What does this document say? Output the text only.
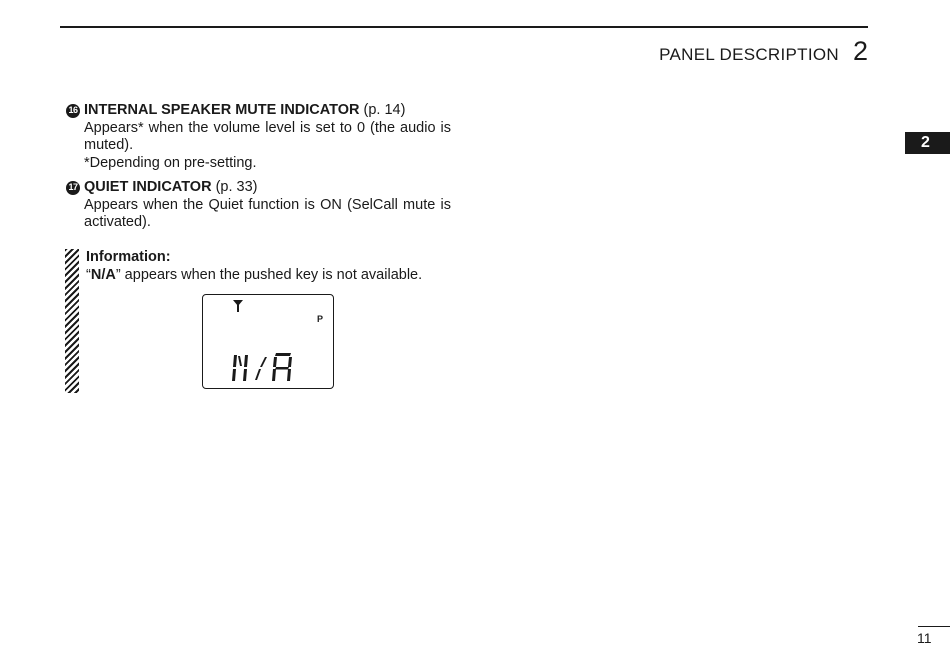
PANEL DESCRIPTION 2
2
16 INTERNAL SPEAKER MUTE INDICATOR (p. 14)

Appears* when the volume level is set to 0 (the audio is muted).

*Depending on pre-setting.
17 QUIET INDICATOR (p. 33)

Appears when the Quiet function is ON (SelCall mute is activated).

Information:
“N/A” appears when the pushed key is not available.
P
11
